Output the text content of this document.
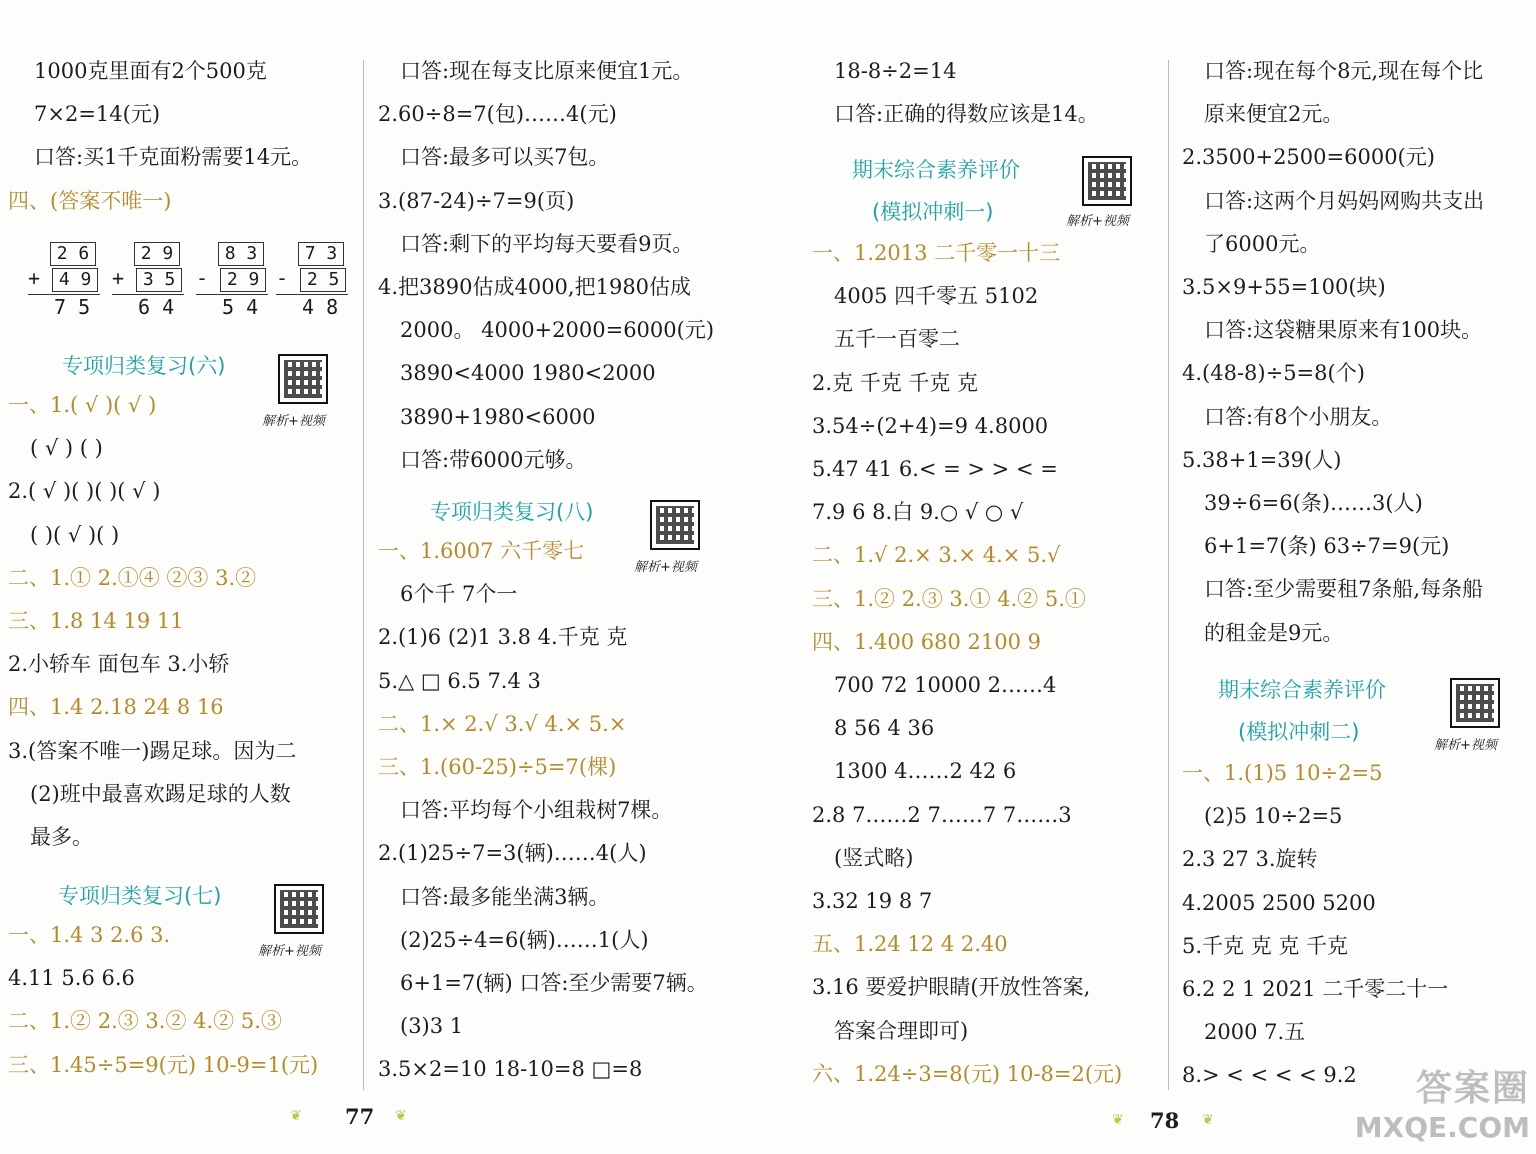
1000克里面有2个500克
7×2=14(元)
口答:买1千克面粉需要14元。
四、(答案不唯一)
2 6
+ 4 9
7 5
2 9
+ 3 5
6 4
8 3
- 2 9
5 4
7 3
- 2 5
4 8
专项归类复习(六)
解析+视频
一、1.( √ )( √ )
( √ ) ( )
2.( √ )( )( )( √ )
( )( √ )( )
二、1.① 2.①④ ②③ 3.②
三、1.8 14 19 11
2.小轿车 面包车 3.小轿
四、1.4 2.18 24 8 16
3.(答案不唯一)踢足球。因为二
(2)班中最喜欢踢足球的人数
最多。
专项归类复习(七)
解析+视频
一、1.4 3 2.6 3.
4.11 5.6 6.6
二、1.② 2.③ 3.② 4.② 5.③
三、1.45÷5=9(元) 10-9=1(元)
口答:现在每支比原来便宜1元。
2.60÷8=7(包)……4(元)
口答:最多可以买7包。
3.(87-24)÷7=9(页)
口答:剩下的平均每天要看9页。
4.把3890估成4000,把1980估成
2000。 4000+2000=6000(元)
3890<4000 1980<2000
3890+1980<6000
口答:带6000元够。
专项归类复习(八)
解析+视频
一、1.6007 六千零七
6个千 7个一
2.(1)6 (2)1 3.8 4.千克 克
5.△ □ 6.5 7.4 3
二、1.× 2.√ 3.√ 4.× 5.×
三、1.(60-25)÷5=7(棵)
口答:平均每个小组栽树7棵。
2.(1)25÷7=3(辆)……4(人)
口答:最多能坐满3辆。
(2)25÷4=6(辆)……1(人)
6+1=7(辆) 口答:至少需要7辆。
(3)3 1
3.5×2=10 18-10=8 □=8
18-8÷2=14
口答:正确的得数应该是14。
期末综合素养评价
(模拟冲刺一)	解析+视频
一、1.2013 二千零一十三
4005 四千零五 5102
五千一百零二
2.克 千克 千克 克
3.54÷(2+4)=9 4.8000
5.47 41 6.< = > > < =
7.9 6 8.白 9.○ √ ○ √
二、1.√ 2.× 3.× 4.× 5.√
三、1.② 2.③ 3.① 4.② 5.①
四、1.400 680 2100 9
700 72 10000 2……4
8 56 4 36
1300 4……2 42 6
2.8 7……2 7……7 7……3
(竖式略)
3.32 19 8 7
五、1.24 12 4 2.40
3.16 要爱护眼睛(开放性答案,
答案合理即可)
六、1.24÷3=8(元) 10-8=2(元)
口答:现在每个8元,现在每个比
原来便宜2元。
2.3500+2500=6000(元)
口答:这两个月妈妈网购共支出
了6000元。
3.5×9+55=100(块)
口答:这袋糖果原来有100块。
4.(48-8)÷5=8(个)
口答:有8个小朋友。
5.38+1=39(人)
39÷6=6(条)……3(人)
6+1=7(条) 63÷7=9(元)
口答:至少需要租7条船,每条船
的租金是9元。
期末综合素养评价
(模拟冲刺二)
解析+视频
一、1.(1)5 10÷2=5
(2)5 10÷2=5
2.3 27 3.旋转
4.2005 2500 5200
5.千克 克 克 千克
6.2 2 1 2021 二千零二十一
2000 7.五
8.> < < < < 9.2
❦ 77 ❦	❦ 78 ❦
答案圈
MXQE.COM
